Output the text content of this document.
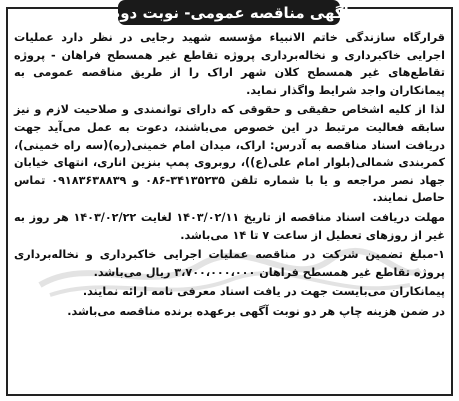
آگهی مناقصه عمومی- نوبت دوم

قرارگاه سازندگی خاتم الانبیاء مؤسسه شهید رجایی در نظر دارد عملیات اجرایی خاکبرداری و نخاله‌برداری پروژه تقاطع غیر همسطح فراهان - پروژه تقاطع‌های غیر همسطح کلان شهر اراک را از طریق مناقصه عمومی به پیمانکاران واجد شرایط واگذار نماید.

لذا از کلیه اشخاص حقیقی و حقوقی که دارای توانمندی و صلاحیت لازم و نیز سابقه فعالیت مرتبط در این خصوص می‌باشند، دعوت به عمل می‌آید جهت دریافت اسناد مناقصه به آدرس: اراک، میدان امام خمینی(ره)(سه راه خمینی)، کمربندی شمالی(بلوار امام علی(ع))، روبروی پمپ بنزین اناری، انتهای خیابان جهاد نصر مراجعه و یا با شماره تلفن ۳۴۱۳۵۲۳۵-۰۸۶ و ۰۹۱۸۳۶۳۸۸۳۹ تماس حاصل نمایند.

مهلت دریافت اسناد مناقصه از تاریخ ۱۴۰۳/۰۲/۱۱ لغایت ۱۴۰۳/۰۲/۲۲ هر روز به غیر از روزهای تعطیل از ساعت ۷ تا ۱۴ می‌باشد.

۱-مبلغ تضمین شرکت در مناقصه عملیات اجرایی خاکبرداری و نخاله‌برداری پروژه تقاطع غیر همسطح فراهان ۳،۷۰۰،۰۰۰،۰۰۰ ریال می‌باشد.

پیمانکاران می‌بایست جهت در یافت اسناد معرفی نامه ارائه نمایند.

در ضمن هزینه چاپ هر دو نوبت آگهی برعهده برنده مناقصه می‌باشد.
